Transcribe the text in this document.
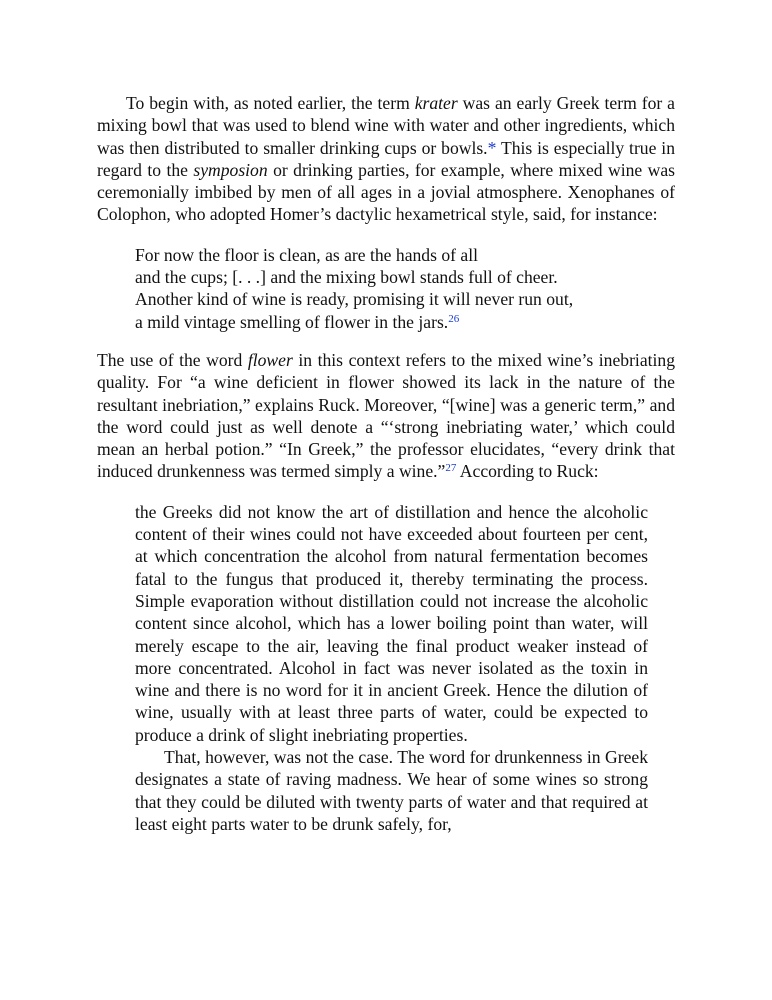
To begin with, as noted earlier, the term krater was an early Greek term for a mixing bowl that was used to blend wine with water and other ingredients, which was then distributed to smaller drinking cups or bowls.* This is especially true in regard to the symposion or drinking parties, for example, where mixed wine was ceremonially imbibed by men of all ages in a jovial atmosphere. Xenophanes of Colophon, who adopted Homer’s dactylic hexametrical style, said, for instance:

For now the floor is clean, as are the hands of all
and the cups; [. . .] and the mixing bowl stands full of cheer.
Another kind of wine is ready, promising it will never run out,
a mild vintage smelling of flower in the jars.$^{26}$

The use of the word flower in this context refers to the mixed wine’s inebriating quality. For “a wine deficient in flower showed its lack in the nature of the resultant inebriation,” explains Ruck. Moreover, “[wine] was a generic term,” and the word could just as well denote a “‘strong inebriating water,’ which could mean an herbal potion.” “In Greek,” the professor elucidates, “every drink that induced drunkenness was termed simply a wine.”$^{27}$ According to Ruck:

the Greeks did not know the art of distillation and hence the alcoholic content of their wines could not have exceeded about fourteen per cent, at which concentration the alcohol from natural fermentation becomes fatal to the fungus that produced it, thereby terminating the process. Simple evaporation without distillation could not increase the alcoholic content since alcohol, which has a lower boiling point than water, will merely escape to the air, leaving the final product weaker instead of more concentrated. Alcohol in fact was never isolated as the toxin in wine and there is no word for it in ancient Greek. Hence the dilution of wine, usually with at least three parts of water, could be expected to produce a drink of slight inebriating properties.

That, however, was not the case. The word for drunkenness in Greek designates a state of raving madness. We hear of some wines so strong that they could be diluted with twenty parts of water and that required at least eight parts water to be drunk safely, for,
